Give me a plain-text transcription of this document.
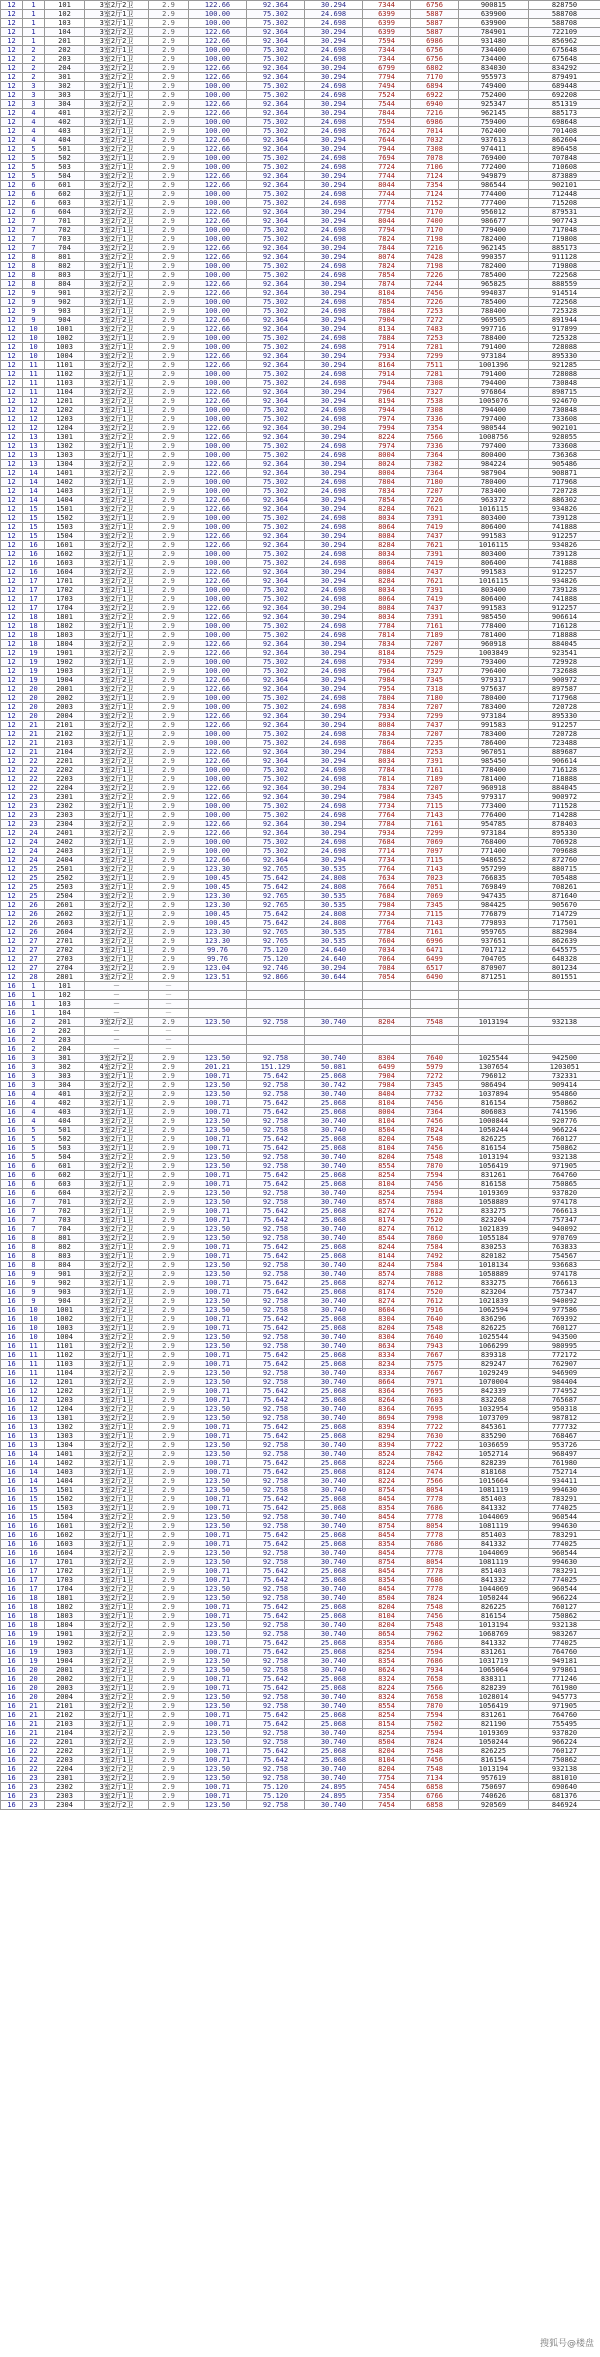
12	1	101	3室2厅2卫	2.9	122.66	92.364	30.294	7344	6756	900815	828750
12	1	102	3室2厅1卫	2.9	100.00	75.302	24.698	6399	5887	639900	588708
12	1	103	3室2厅1卫	2.9	100.00	75.302	24.698	6399	5887	639900	588708
12	1	104	3室2厅2卫	2.9	122.66	92.364	30.294	6399	5887	784901	722109
12	1	201	3室2厅2卫	2.9	122.66	92.364	30.294	7594	6986	931480	856962
12	2	202	3室2厅1卫	2.9	100.00	75.302	24.698	7344	6756	734400	675648
12	2	203	3室2厅1卫	2.9	100.00	75.302	24.698	7344	6756	734400	675648
12	2	204	3室2厅2卫	2.9	122.66	92.364	30.294	6799	6802	834030	834292
12	2	301	3室2厅2卫	2.9	122.66	92.364	30.294	7794	7170	955973	879491
12	3	302	3室2厅1卫	2.9	100.00	75.302	24.698	7494	6894	749400	689448
12	3	303	3室2厅1卫	2.9	100.00	75.302	24.698	7524	6922	752400	692208
12	3	304	3室2厅2卫	2.9	122.66	92.364	30.294	7544	6940	925347	851319
12	4	401	3室2厅2卫	2.9	122.66	92.364	30.294	7844	7216	962145	885173
12	4	402	3室2厅1卫	2.9	100.00	75.302	24.698	7594	6986	759400	698648
12	4	403	3室2厅1卫	2.9	100.00	75.302	24.698	7624	7014	762400	701408
12	4	404	3室2厅2卫	2.9	122.66	92.364	30.294	7644	7032	937613	862604
12	5	501	3室2厅2卫	2.9	122.66	92.364	30.294	7944	7308	974411	896458
12	5	502	3室2厅1卫	2.9	100.00	75.302	24.698	7694	7078	769400	707848
12	5	503	3室2厅1卫	2.9	100.00	75.302	24.698	7724	7106	772400	710608
12	5	504	3室2厅2卫	2.9	122.66	92.364	30.294	7744	7124	949879	873889
12	6	601	3室2厅2卫	2.9	122.66	92.364	30.294	8044	7354	986544	902101
12	6	602	3室2厅1卫	2.9	100.00	75.302	24.698	7744	7124	774400	712448
12	6	603	3室2厅1卫	2.9	100.00	75.302	24.698	7774	7152	777400	715208
12	6	604	3室2厅2卫	2.9	122.66	92.364	30.294	7794	7170	956012	879531
12	7	701	3室2厅2卫	2.9	122.66	92.364	30.294	8044	7400	986677	907743
12	7	702	3室2厅1卫	2.9	100.00	75.302	24.698	7794	7170	779400	717048
12	7	703	3室2厅1卫	2.9	100.00	75.302	24.698	7824	7198	782400	719808
12	7	704	3室2厅2卫	2.9	122.66	92.364	30.294	7844	7216	962145	885173
12	8	801	3室2厅2卫	2.9	122.66	92.364	30.294	8074	7428	990357	911128
12	8	802	3室2厅1卫	2.9	100.00	75.302	24.698	7824	7198	782400	719808
12	8	803	3室2厅1卫	2.9	100.00	75.302	24.698	7854	7226	785400	722568
12	8	804	3室2厅2卫	2.9	122.66	92.364	30.294	7874	7244	965825	888559
12	9	901	3室2厅2卫	2.9	122.66	92.364	30.294	8104	7456	994037	914514
12	9	902	3室2厅1卫	2.9	100.00	75.302	24.698	7854	7226	785400	722568
12	9	903	3室2厅1卫	2.9	100.00	75.302	24.698	7884	7253	788400	725328
12	9	904	3室2厅2卫	2.9	122.66	92.364	30.294	7904	7272	969505	891944
12	10	1001	3室2厅2卫	2.9	122.66	92.364	30.294	8134	7483	997716	917899
12	10	1002	3室2厅1卫	2.9	100.00	75.302	24.698	7884	7253	788400	725328
12	10	1003	3室2厅1卫	2.9	100.00	75.302	24.698	7914	7281	791400	728088
12	10	1004	3室2厅2卫	2.9	122.66	92.364	30.294	7934	7299	973184	895330
12	11	1101	3室2厅2卫	2.9	122.66	92.364	30.294	8164	7511	1001396	921285
12	11	1102	3室2厅1卫	2.9	100.00	75.302	24.698	7914	7281	791400	728088
12	11	1103	3室2厅1卫	2.9	100.00	75.302	24.698	7944	7308	794400	730848
12	11	1104	3室2厅2卫	2.9	122.66	92.364	30.294	7964	7327	976864	898715
12	12	1201	3室2厅2卫	2.9	122.66	92.364	30.294	8194	7538	1005076	924670
12	12	1202	3室2厅1卫	2.9	100.00	75.302	24.698	7944	7308	794400	730848
12	12	1203	3室2厅1卫	2.9	100.00	75.302	24.698	7974	7336	797400	733608
12	12	1204	3室2厅2卫	2.9	122.66	92.364	30.294	7994	7354	980544	902101
12	13	1301	3室2厅2卫	2.9	122.66	92.364	30.294	8224	7566	1008756	928055
12	13	1302	3室2厅1卫	2.9	100.00	75.302	24.698	7974	7336	797400	733608
12	13	1303	3室2厅1卫	2.9	100.00	75.302	24.698	8004	7364	800400	736368
12	13	1304	3室2厅2卫	2.9	122.66	92.364	30.294	8024	7382	984224	905486
12	14	1401	3室2厅2卫	2.9	122.66	92.364	30.294	8004	7364	987904	908871
12	14	1402	3室2厅1卫	2.9	100.00	75.302	24.698	7804	7180	780400	717968
12	14	1403	3室2厅1卫	2.9	100.00	75.302	24.698	7834	7207	783400	720728
12	14	1404	3室2厅2卫	2.9	122.66	92.364	30.294	7854	7226	963372	886302
12	15	1501	3室2厅2卫	2.9	122.66	92.364	30.294	8284	7621	1016115	934826
12	15	1502	3室2厅1卫	2.9	100.00	75.302	24.698	8034	7391	803400	739128
12	15	1503	3室2厅1卫	2.9	100.00	75.302	24.698	8064	7419	806400	741888
12	15	1504	3室2厅2卫	2.9	122.66	92.364	30.294	8084	7437	991583	912257
12	16	1601	3室2厅2卫	2.9	122.66	92.364	30.294	8284	7621	1016115	934826
12	16	1602	3室2厅1卫	2.9	100.00	75.302	24.698	8034	7391	803400	739128
12	16	1603	3室2厅1卫	2.9	100.00	75.302	24.698	8064	7419	806400	741888
12	16	1604	3室2厅2卫	2.9	122.66	92.364	30.294	8084	7437	991583	912257
12	17	1701	3室2厅2卫	2.9	122.66	92.364	30.294	8284	7621	1016115	934826
12	17	1702	3室2厅1卫	2.9	100.00	75.302	24.698	8034	7391	803400	739128
12	17	1703	3室2厅1卫	2.9	100.00	75.302	24.698	8064	7419	806400	741888
12	17	1704	3室2厅2卫	2.9	122.66	92.364	30.294	8084	7437	991583	912257
12	18	1801	3室2厅2卫	2.9	122.66	92.364	30.294	8034	7391	985450	906614
12	18	1802	3室2厅1卫	2.9	100.00	75.302	24.698	7784	7161	778400	716128
12	18	1803	3室2厅1卫	2.9	100.00	75.302	24.698	7814	7189	781400	718888
12	18	1804	3室2厅2卫	2.9	122.66	92.364	30.294	7834	7207	960918	884045
12	19	1901	3室2厅2卫	2.9	122.66	92.364	30.294	8184	7529	1003849	923541
12	19	1902	3室2厅1卫	2.9	100.00	75.302	24.698	7934	7299	793400	729928
12	19	1903	3室2厅1卫	2.9	100.00	75.302	24.698	7964	7327	796400	732688
12	19	1904	3室2厅2卫	2.9	122.66	92.364	30.294	7984	7345	979317	900972
12	20	2001	3室2厅2卫	2.9	122.66	92.364	30.294	7954	7318	975637	897587
12	20	2002	3室2厅1卫	2.9	100.00	75.302	24.698	7804	7180	780400	717968
12	20	2003	3室2厅1卫	2.9	100.00	75.302	24.698	7834	7207	783400	720728
12	20	2004	3室2厅2卫	2.9	122.66	92.364	30.294	7934	7299	973184	895330
12	21	2101	3室2厅2卫	2.9	122.66	92.364	30.294	8084	7437	991583	912257
12	21	2102	3室2厅1卫	2.9	100.00	75.302	24.698	7834	7207	783400	720728
12	21	2103	3室2厅1卫	2.9	100.00	75.302	24.698	7864	7235	786400	723488
12	21	2104	3室2厅2卫	2.9	122.66	92.364	30.294	7884	7253	967051	889687
12	22	2201	3室2厅2卫	2.9	122.66	92.364	30.294	8034	7391	985450	906614
12	22	2202	3室2厅1卫	2.9	100.00	75.302	24.698	7784	7161	778400	716128
12	22	2203	3室2厅1卫	2.9	100.00	75.302	24.698	7814	7189	781400	718888
12	22	2204	3室2厅2卫	2.9	122.66	92.364	30.294	7834	7207	960918	884045
12	23	2301	3室2厅2卫	2.9	122.66	92.364	30.294	7984	7345	979317	900972
12	23	2302	3室2厅1卫	2.9	100.00	75.302	24.698	7734	7115	773400	711528
12	23	2303	3室2厅1卫	2.9	100.00	75.302	24.698	7764	7143	776400	714288
12	23	2304	3室2厅2卫	2.9	122.66	92.364	30.294	7784	7161	954785	878403
12	24	2401	3室2厅2卫	2.9	122.66	92.364	30.294	7934	7299	973184	895330
12	24	2402	3室2厅1卫	2.9	100.00	75.302	24.698	7684	7069	768400	706928
12	24	2403	3室2厅1卫	2.9	100.00	75.302	24.698	7714	7097	771400	709688
12	24	2404	3室2厅2卫	2.9	122.66	92.364	30.294	7734	7115	948652	872760
12	25	2501	3室2厅2卫	2.9	123.30	92.765	30.535	7764	7143	957299	880715
12	25	2502	3室2厅1卫	2.9	100.45	75.642	24.808	7634	7023	766835	705488
12	25	2503	3室2厅1卫	2.9	100.45	75.642	24.808	7664	7051	769849	708261
12	25	2504	3室2厅2卫	2.9	123.30	92.765	30.535	7684	7069	947435	871640
12	26	2601	3室2厅2卫	2.9	123.30	92.765	30.535	7984	7345	984425	905670
12	26	2602	3室2厅1卫	2.9	100.45	75.642	24.808	7734	7115	776879	714729
12	26	2603	3室2厅1卫	2.9	100.45	75.642	24.808	7764	7143	779893	717501
12	26	2604	3室2厅2卫	2.9	123.30	92.765	30.535	7784	7161	959765	882984
12	27	2701	3室2厅2卫	2.9	123.30	92.765	30.535	7604	6996	937651	862639
12	27	2702	3室2厅1卫	2.9	99.76	75.120	24.640	7034	6471	701712	645575
12	27	2703	3室2厅1卫	2.9	99.76	75.120	24.640	7064	6499	704705	648328
12	27	2704	3室2厅2卫	2.9	123.04	92.746	30.294	7084	6517	870907	801234
12	28	2801	3室2厅2卫	2.9	123.51	92.866	30.644	7054	6490	871251	801551
16	1	101	－	－							
16	1	102	－	－							
16	1	103	－	－							
16	1	104	－	－							
16	2	201	3室2厅2卫	2.9	123.50	92.758	30.740	8204	7548	1013194	932138
16	2	202	－	－							
16	2	203	－	－							
16	2	204	－	－							
16	3	301	3室2厅2卫	2.9	123.50	92.758	30.740	8304	7640	1025544	942500
16	3	302	4室2厅2卫	2.9	201.21	151.129	50.081	6499	5979	1307654	1203051
16	3	303	3室2厅1卫	2.9	100.71	75.642	25.068	7904	7272	796012	732331
16	3	304	3室2厅2卫	2.9	123.50	92.758	30.742	7984	7345	986494	909414
16	4	401	3室2厅2卫	2.9	123.50	92.758	30.740	8404	7732	1037894	954860
16	4	402	3室2厅1卫	2.9	100.71	75.642	25.068	8104	7456	816154	750862
16	4	403	3室2厅1卫	2.9	100.71	75.642	25.068	8004	7364	806083	741596
16	4	404	3室2厅2卫	2.9	123.50	92.758	30.740	8104	7456	1000844	920776
16	5	501	3室2厅2卫	2.9	123.50	92.758	30.740	8504	7824	1050244	966224
16	5	502	3室2厅1卫	2.9	100.71	75.642	25.068	8204	7548	826225	760127
16	5	503	3室2厅1卫	2.9	100.71	75.642	25.068	8104	7456	816154	750862
16	5	504	3室2厅2卫	2.9	123.50	92.758	30.740	8204	7548	1013194	932138
16	6	601	3室2厅2卫	2.9	123.50	92.758	30.740	8554	7870	1056419	971905
16	6	602	3室2厅1卫	2.9	100.71	75.642	25.068	8254	7594	831261	764760
16	6	603	3室2厅1卫	2.9	100.71	75.642	25.068	8104	7456	816158	750865
16	6	604	3室2厅2卫	2.9	123.50	92.758	30.740	8254	7594	1019369	937820
16	7	701	3室2厅2卫	2.9	123.50	92.758	30.740	8574	7888	1058889	974178
16	7	702	3室2厅1卫	2.9	100.71	75.642	25.068	8274	7612	833275	766613
16	7	703	3室2厅1卫	2.9	100.71	75.642	25.068	8174	7520	823204	757347
16	7	704	3室2厅2卫	2.9	123.50	92.758	30.740	8274	7612	1021839	940092
16	8	801	3室2厅2卫	2.9	123.50	92.758	30.740	8544	7860	1055184	970769
16	8	802	3室2厅1卫	2.9	100.71	75.642	25.068	8244	7584	830253	763833
16	8	803	3室2厅1卫	2.9	100.71	75.642	25.068	8144	7492	820182	754567
16	8	804	3室2厅2卫	2.9	123.50	92.758	30.740	8244	7584	1018134	936683
16	9	901	3室2厅2卫	2.9	123.50	92.758	30.740	8574	7888	1058889	974178
16	9	902	3室2厅1卫	2.9	100.71	75.642	25.068	8274	7612	833275	766613
16	9	903	3室2厅1卫	2.9	100.71	75.642	25.068	8174	7520	823204	757347
16	9	904	3室2厅2卫	2.9	123.50	92.758	30.740	8274	7612	1021839	940092
16	10	1001	3室2厅2卫	2.9	123.50	92.758	30.740	8604	7916	1062594	977586
16	10	1002	3室2厅1卫	2.9	100.71	75.642	25.068	8304	7640	836296	769392
16	10	1003	3室2厅1卫	2.9	100.71	75.642	25.068	8204	7548	826225	760127
16	10	1004	3室2厅2卫	2.9	123.50	92.758	30.740	8304	7640	1025544	943500
16	11	1101	3室2厅2卫	2.9	123.50	92.758	30.740	8634	7943	1066299	980995
16	11	1102	3室2厅1卫	2.9	100.71	75.642	25.068	8334	7667	839318	772172
16	11	1103	3室2厅1卫	2.9	100.71	75.642	25.068	8234	7575	829247	762907
16	11	1104	3室2厅2卫	2.9	123.50	92.758	30.740	8334	7667	1029249	946909
16	12	1201	3室2厅2卫	2.9	123.50	92.758	30.740	8664	7971	1070004	984404
16	12	1202	3室2厅1卫	2.9	100.71	75.642	25.068	8364	7695	842339	774952
16	12	1203	3室2厅1卫	2.9	100.71	75.642	25.068	8264	7603	832268	765687
16	12	1204	3室2厅2卫	2.9	123.50	92.758	30.740	8364	7695	1032954	950318
16	13	1301	3室2厅2卫	2.9	123.50	92.758	30.740	8694	7998	1073709	987812
16	13	1302	3室2厅1卫	2.9	100.71	75.642	25.068	8394	7722	845361	777732
16	13	1303	3室2厅1卫	2.9	100.71	75.642	25.068	8294	7630	835290	768467
16	13	1304	3室2厅2卫	2.9	123.50	92.758	30.740	8394	7722	1036659	953726
16	14	1401	3室2厅2卫	2.9	123.50	92.758	30.740	8524	7842	1052714	968497
16	14	1402	3室2厅1卫	2.9	100.71	75.642	25.068	8224	7566	828239	761980
16	14	1403	3室2厅1卫	2.9	100.71	75.642	25.068	8124	7474	818168	752714
16	14	1404	3室2厅2卫	2.9	123.50	92.758	30.740	8224	7566	1015664	934411
16	15	1501	3室2厅2卫	2.9	123.50	92.758	30.740	8754	8054	1081119	994630
16	15	1502	3室2厅1卫	2.9	100.71	75.642	25.068	8454	7778	851403	783291
16	15	1503	3室2厅1卫	2.9	100.71	75.642	25.068	8354	7686	841332	774025
16	15	1504	3室2厅2卫	2.9	123.50	92.758	30.740	8454	7778	1044069	960544
16	16	1601	3室2厅2卫	2.9	123.50	92.758	30.740	8754	8054	1081119	994630
16	16	1602	3室2厅1卫	2.9	100.71	75.642	25.068	8454	7778	851403	783291
16	16	1603	3室2厅1卫	2.9	100.71	75.642	25.068	8354	7686	841332	774025
16	16	1604	3室2厅2卫	2.9	123.50	92.758	30.740	8454	7778	1044069	960544
16	17	1701	3室2厅2卫	2.9	123.50	92.758	30.740	8754	8054	1081119	994630
16	17	1702	3室2厅1卫	2.9	100.71	75.642	25.068	8454	7778	851403	783291
16	17	1703	3室2厅1卫	2.9	100.71	75.642	25.068	8354	7686	841332	774025
16	17	1704	3室2厅2卫	2.9	123.50	92.758	30.740	8454	7778	1044069	960544
16	18	1801	3室2厅2卫	2.9	123.50	92.758	30.740	8504	7824	1050244	966224
16	18	1802	3室2厅1卫	2.9	100.71	75.642	25.068	8204	7548	826225	760127
16	18	1803	3室2厅1卫	2.9	100.71	75.642	25.068	8104	7456	816154	750862
16	18	1804	3室2厅2卫	2.9	123.50	92.758	30.740	8204	7548	1013194	932138
16	19	1901	3室2厅2卫	2.9	123.50	92.758	30.740	8654	7962	1068769	983267
16	19	1902	3室2厅1卫	2.9	100.71	75.642	25.068	8354	7686	841332	774025
16	19	1903	3室2厅1卫	2.9	100.71	75.642	25.068	8254	7594	831261	764760
16	19	1904	3室2厅2卫	2.9	123.50	92.758	30.740	8354	7686	1031719	949181
16	20	2001	3室2厅2卫	2.9	123.50	92.758	30.740	8624	7934	1065064	979861
16	20	2002	3室2厅1卫	2.9	100.71	75.642	25.068	8324	7658	838311	771246
16	20	2003	3室2厅1卫	2.9	100.71	75.642	25.068	8224	7566	828239	761980
16	20	2004	3室2厅2卫	2.9	123.50	92.758	30.740	8324	7658	1028014	945773
16	21	2101	3室2厅2卫	2.9	123.50	92.758	30.740	8554	7870	1056419	971905
16	21	2102	3室2厅1卫	2.9	100.71	75.642	25.068	8254	7594	831261	764760
16	21	2103	3室2厅1卫	2.9	100.71	75.642	25.068	8154	7502	821190	755495
16	21	2104	3室2厅2卫	2.9	123.50	92.758	30.740	8254	7594	1019369	937820
16	22	2201	3室2厅2卫	2.9	123.50	92.758	30.740	8504	7824	1050244	966224
16	22	2202	3室2厅1卫	2.9	100.71	75.642	25.068	8204	7548	826225	760127
16	22	2203	3室2厅1卫	2.9	100.71	75.642	25.068	8104	7456	816154	750862
16	22	2204	3室2厅2卫	2.9	123.50	92.758	30.740	8204	7548	1013194	932138
16	23	2301	3室2厅2卫	2.9	123.50	92.758	30.740	7754	7134	957619	881010
16	23	2302	3室2厅1卫	2.9	100.71	75.120	24.895	7454	6858	750697	690640
16	23	2303	3室2厅1卫	2.9	100.71	75.120	24.895	7354	6766	740626	681376
16	23	2304	3室2厅2卫	2.9	123.50	92.758	30.740	7454	6858	920569	846924
搜狐号@楼盘
